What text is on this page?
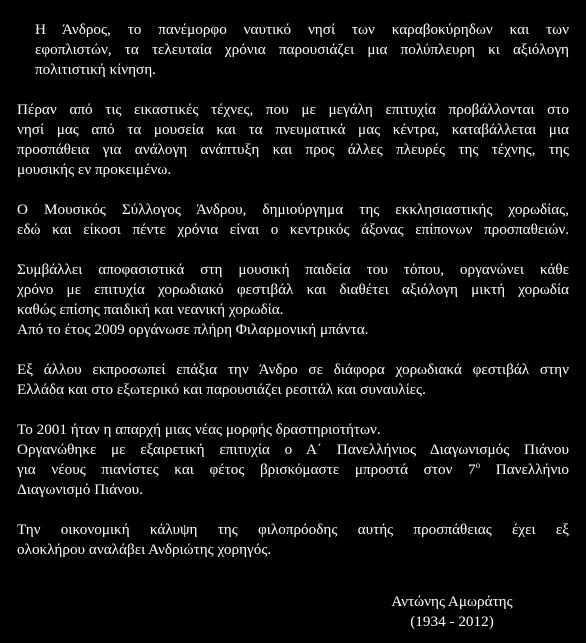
Η Άνδρος, το πανέμορφο ναυτικό νησί των καραβοκύρηδων και των
εφοπλιστών, τα τελευταία χρόνια παρουσιάζει μια πολύπλευρη κι αξιόλογη
πολιτιστική κίνηση.
Πέραν από τις εικαστικές τέχνες, που με μεγάλη επιτυχία προβάλλονται στο
νησί μας από τα μουσεία και τα πνευματικά μας κέντρα, καταβάλλεται μια
προσπάθεια για ανάλογη ανάπτυξη και προς άλλες πλευρές της τέχνης, της
μουσικής εν προκειμένω.
Ο Μουσικός Σύλλογος Άνδρου, δημιούργημα της εκκλησιαστικής χορωδίας,
εδώ και είκοσι πέντε χρόνια είναι ο κεντρικός άξονας επίπονων προσπαθειών.
Συμβάλλει αποφασιστικά στη μουσική παιδεία του τόπου, οργανώνει κάθε
χρόνο με επιτυχία χορωδιακό φεστιβάλ και διαθέτει αξιόλογη μικτή χορωδία
καθώς επίσης παιδική και νεανική χορωδία.
Από το έτος 2009 οργάνωσε πλήρη Φιλαρμονική μπάντα.
Εξ άλλου εκπροσωπεί επάξια την Άνδρο σε διάφορα χορωδιακά φεστιβάλ στην
Ελλάδα και στο εξωτερικό και παρουσιάζει ρεσιτάλ και συναυλίες.
Το 2001 ήταν η απαρχή μιας νέας μορφής δραστηριοτήτων.
Οργανώθηκε με εξαιρετική επιτυχία ο Α΄ Πανελλήνιος Διαγωνισμός Πιάνου
για νέους πιανίστες και φέτος βρισκόμαστε μπροστά στον $7^o$ Πανελλήνιο
Διαγωνισμό Πιάνου.
Την οικονομική κάλυψη της φιλοπρόοδης αυτής προσπάθειας έχει εξ
ολοκλήρου αναλάβει Ανδριώτης χορηγός.
Αντώνης Αμωράτης
(1934 - 2012)
